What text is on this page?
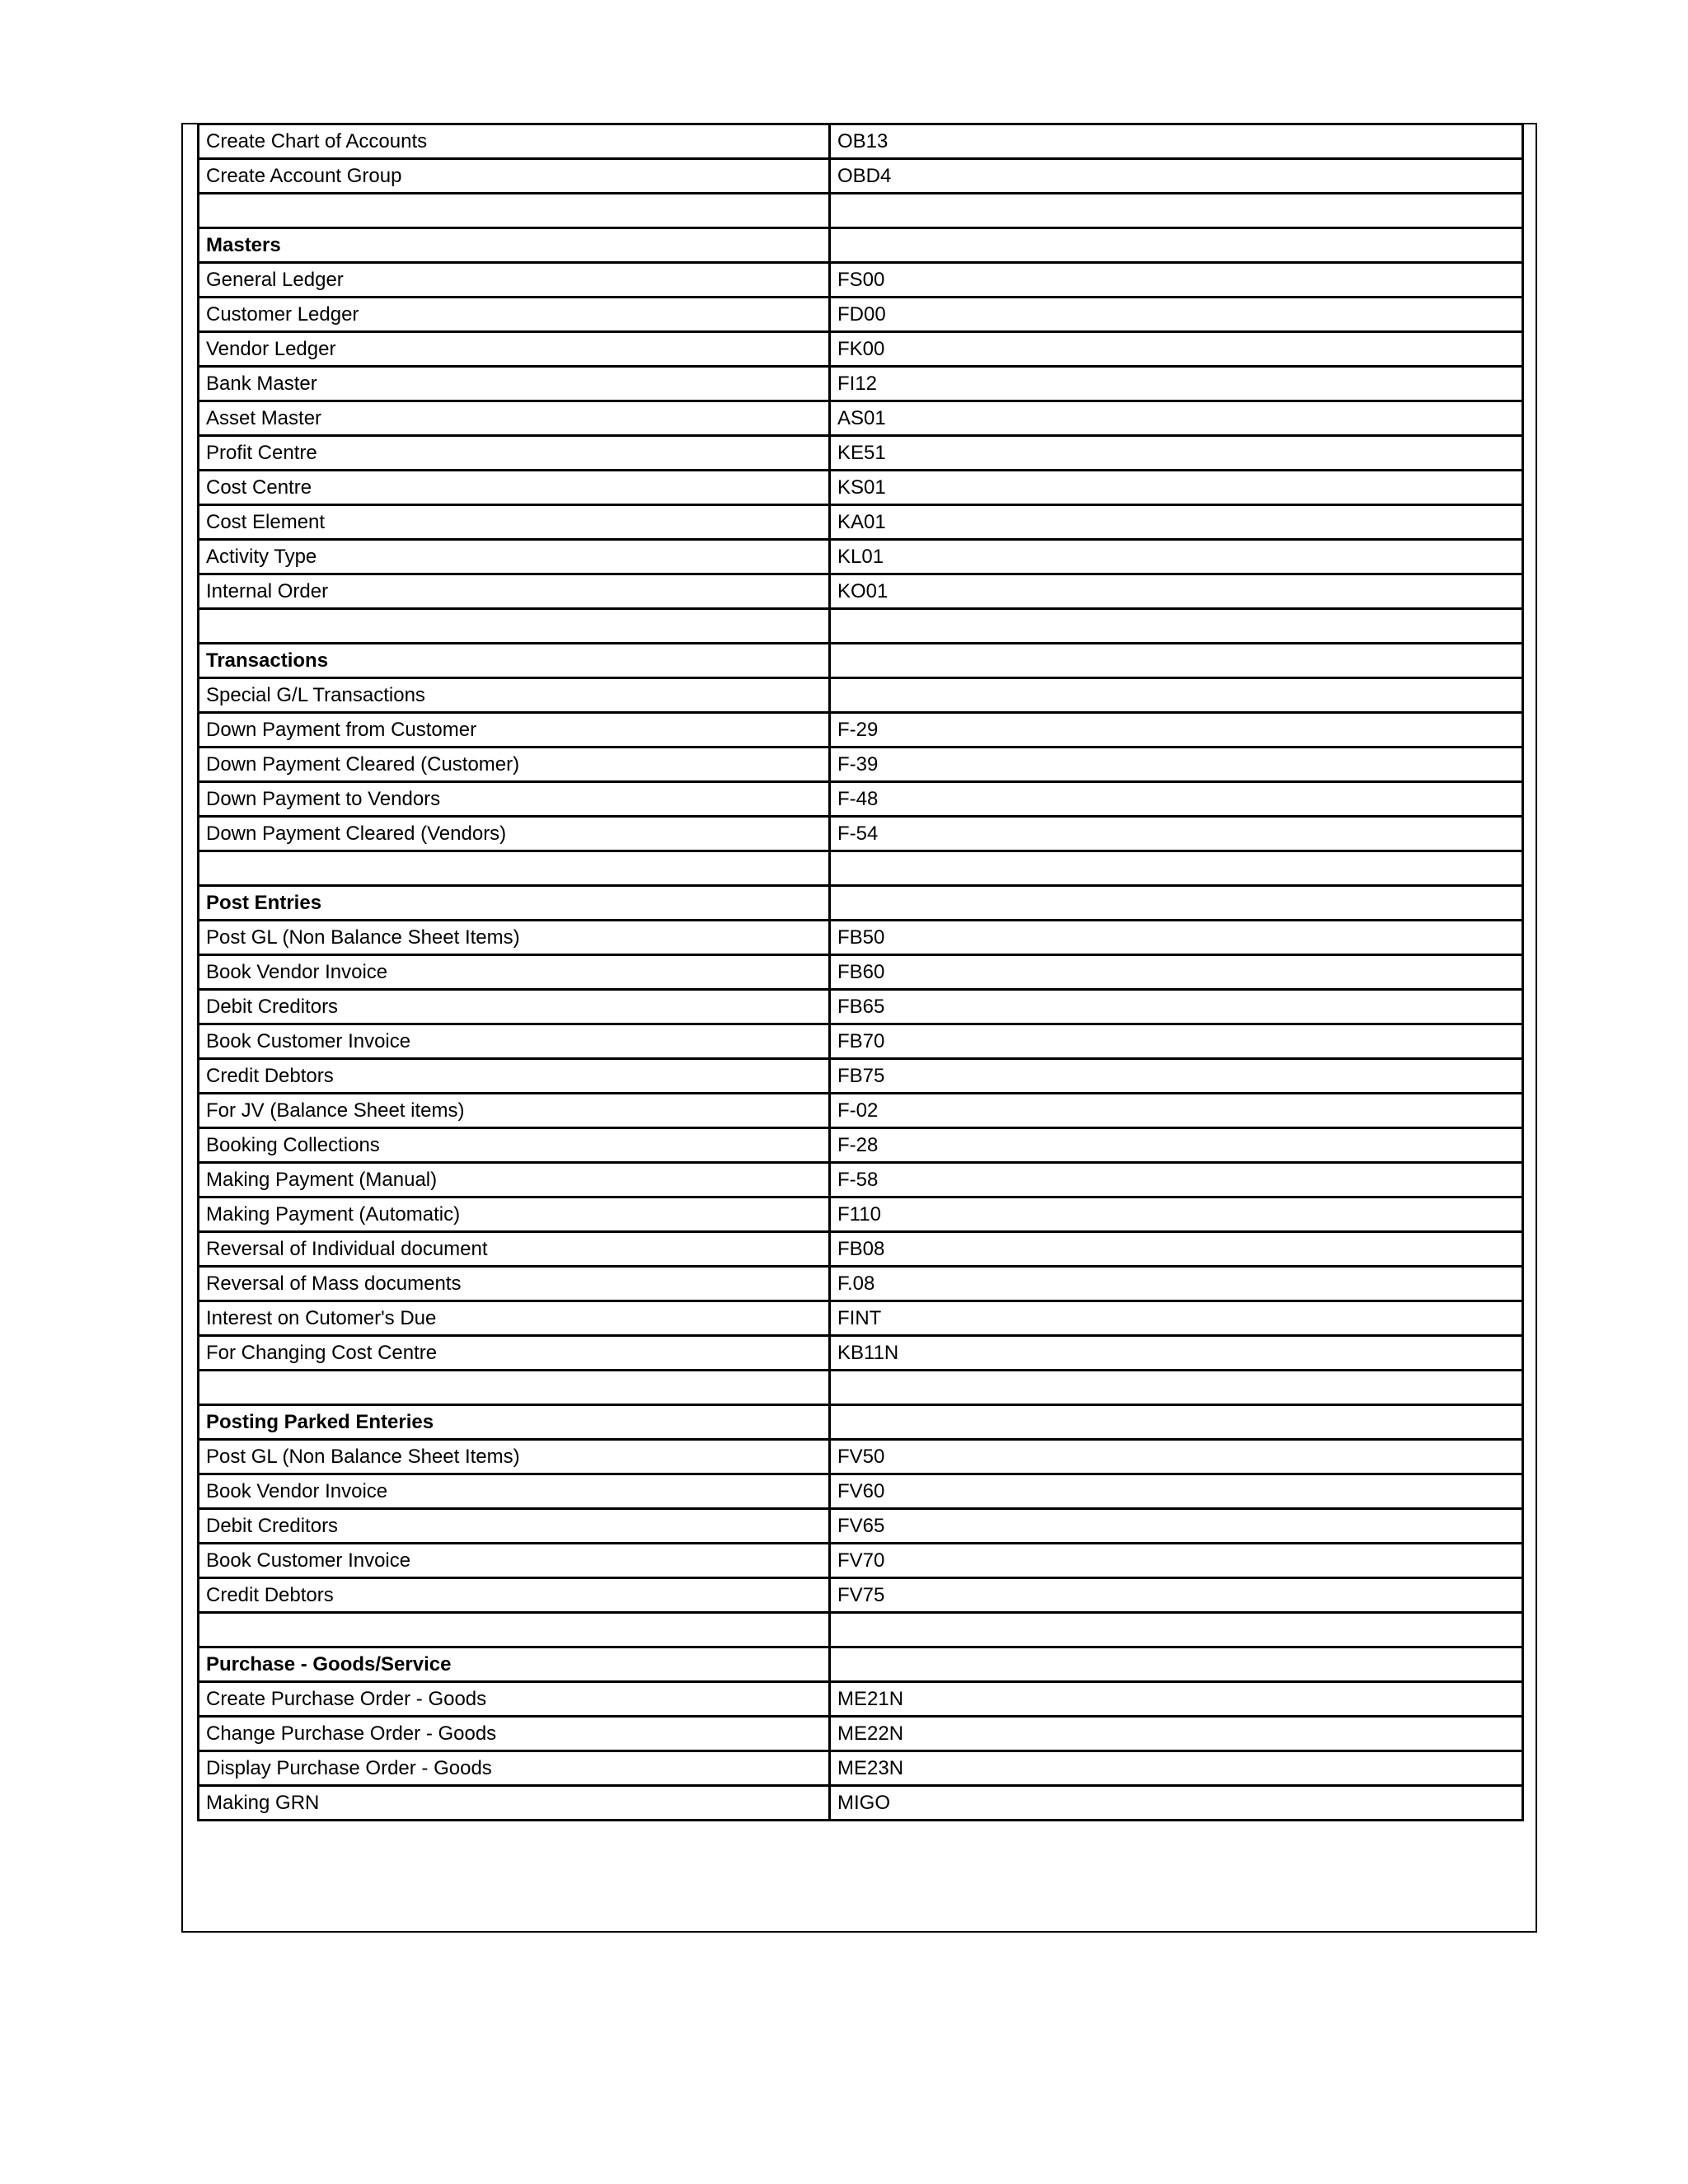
Create Chart of Accounts	OB13
Create Account Group	OBD4

Masters	
General Ledger	FS00
Customer Ledger	FD00
Vendor Ledger	FK00
Bank Master	FI12
Asset Master	AS01
Profit Centre	KE51
Cost Centre	KS01
Cost Element	KA01
Activity Type	KL01
Internal Order	KO01

Transactions	
Special G/L Transactions	
Down Payment from Customer	F-29
Down Payment Cleared (Customer)	F-39
Down Payment to Vendors	F-48
Down Payment Cleared (Vendors)	F-54

Post Entries	
Post GL (Non Balance Sheet Items)	FB50
Book Vendor Invoice	FB60
Debit Creditors	FB65
Book Customer Invoice	FB70
Credit Debtors	FB75
For JV (Balance Sheet items)	F-02
Booking Collections	F-28
Making Payment (Manual)	F-58
Making Payment (Automatic)	F110
Reversal of Individual document	FB08
Reversal of Mass documents	F.08
Interest on Cutomer's Due	FINT
For Changing Cost Centre	KB11N

Posting Parked Enteries	
Post GL (Non Balance Sheet Items)	FV50
Book Vendor Invoice	FV60
Debit Creditors	FV65
Book Customer Invoice	FV70
Credit Debtors	FV75

Purchase - Goods/Service	
Create Purchase Order - Goods	ME21N
Change Purchase Order - Goods	ME22N
Display Purchase Order - Goods	ME23N
Making GRN	MIGO
